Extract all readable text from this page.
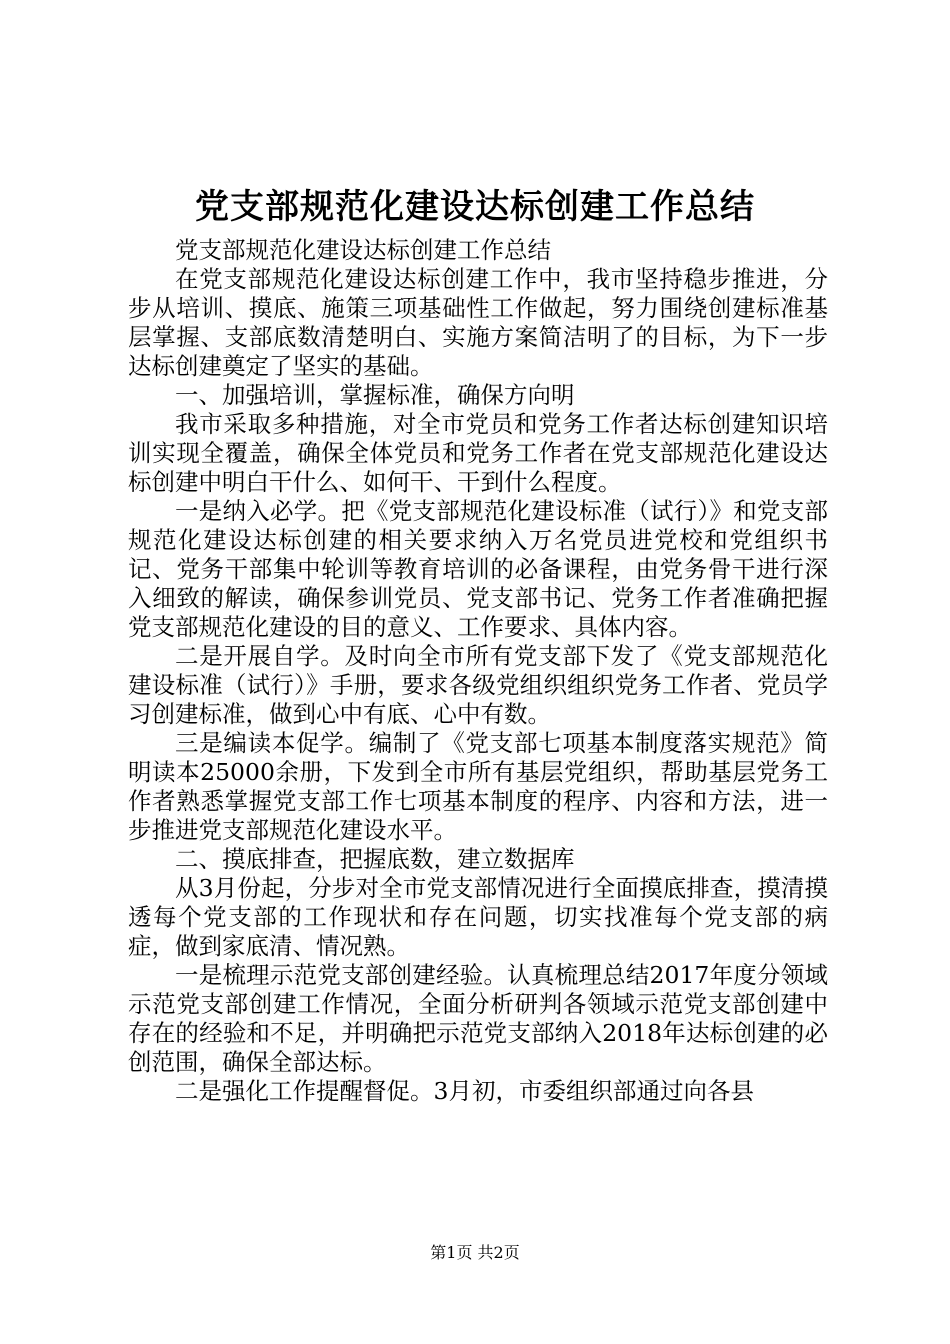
党支部规范化建设达标创建工作总结

党支部规范化建设达标创建工作总结

在党支部规范化建设达标创建工作中，我市坚持稳步推进，分步从培训、摸底、施策三项基础性工作做起，努力围绕创建标准基层掌握、支部底数清楚明白、实施方案简洁明了的目标，为下一步达标创建奠定了坚实的基础。

一、加强培训，掌握标准，确保方向明

我市采取多种措施，对全市党员和党务工作者达标创建知识培训实现全覆盖，确保全体党员和党务工作者在党支部规范化建设达标创建中明白干什么、如何干、干到什么程度。

一是纳入必学。把《党支部规范化建设标准（试行）》和党支部规范化建设达标创建的相关要求纳入万名党员进党校和党组织书记、党务干部集中轮训等教育培训的必备课程，由党务骨干进行深入细致的解读，确保参训党员、党支部书记、党务工作者准确把握党支部规范化建设的目的意义、工作要求、具体内容。

二是开展自学。及时向全市所有党支部下发了《党支部规范化建设标准（试行）》手册，要求各级党组织组织党务工作者、党员学习创建标准，做到心中有底、心中有数。

三是编读本促学。编制了《党支部七项基本制度落实规范》简明读本25000余册，下发到全市所有基层党组织，帮助基层党务工作者熟悉掌握党支部工作七项基本制度的程序、内容和方法，进一步推进党支部规范化建设水平。

二、摸底排查，把握底数，建立数据库

从3月份起，分步对全市党支部情况进行全面摸底排查，摸清摸透每个党支部的工作现状和存在问题，切实找准每个党支部的病症，做到家底清、情况熟。

一是梳理示范党支部创建经验。认真梳理总结2017年度分领域示范党支部创建工作情况，全面分析研判各领域示范党支部创建中存在的经验和不足，并明确把示范党支部纳入2018年达标创建的必创范围，确保全部达标。

二是强化工作提醒督促。3月初，市委组织部通过向各县

第1页 共2页
